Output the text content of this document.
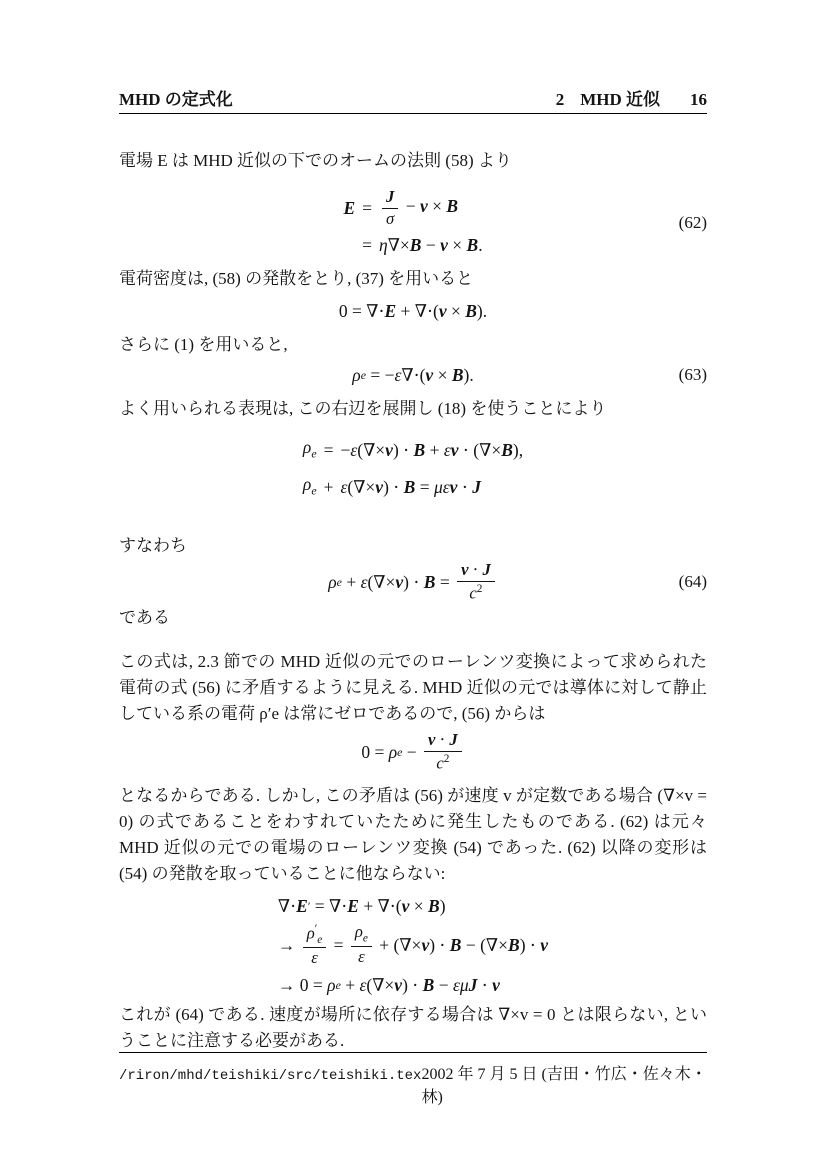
MHD の定式化	2 MHD 近似 16

電場 E は MHD 近似の下でのオームの法則 (58) より

E	=	$\frac{J}{\sigma} - v \times B$
	=	η∇×B − v × B.
(62)

電荷密度は, (58) の発散をとり, (37) を用いると

0 = ∇⋅ E + ∇⋅( v × B ).

さらに (1) を用いると,

ρ e = − ε ∇⋅( v × B ).	(63)

よく用いられる表現は, この右辺を展開し (18) を使うことにより

$\rho_e$	=	−ε(∇×v) ⋅ B + εv ⋅ (∇×B),
$\rho_e$	+	ε(∇×v) ⋅ B = μεv ⋅ J

すなわち

ρ e + ε (∇× v ) ⋅ $B = \frac{v \cdot J}{c^2}$	(64)

である

この式は, 2.3 節での MHD 近似の元でのローレンツ変換によって求められた電荷の式 (56) に矛盾するように見える. MHD 近似の元では導体に対して静止している系の電荷 ρ′e は常にゼロであるので, (56) からは

0 = ρ $e - \frac{v \cdot J}{c^2}$

となるからである. しかし, この矛盾は (56) が速度 v が定数である場合 (∇×v = 0) の式であることをわすれていたために発生したものである. (62) は元々 MHD 近似の元での電場のローレンツ変換 (54) であった. (62) 以降の変形は (54) の発散を取っていることに他ならない:

∇⋅ E ′ = ∇⋅ E + ∇⋅( v × B )
→ $\frac{\rho'_e}{\varepsilon} = \frac{\rho_e}{\varepsilon}$ + (∇× v ) ⋅ B − (∇× B ) ⋅ v
→ 0 = ρ e + ε (∇× v ) ⋅ B − εμ J ⋅ v

これが (64) である. 速度が場所に依存する場合は ∇×v = 0 とは限らない, ということに注意する必要がある.

/riron/mhd/teishiki/src/teishiki.tex 2002 年 7 月 5 日 (吉田・竹広・佐々木・林)
